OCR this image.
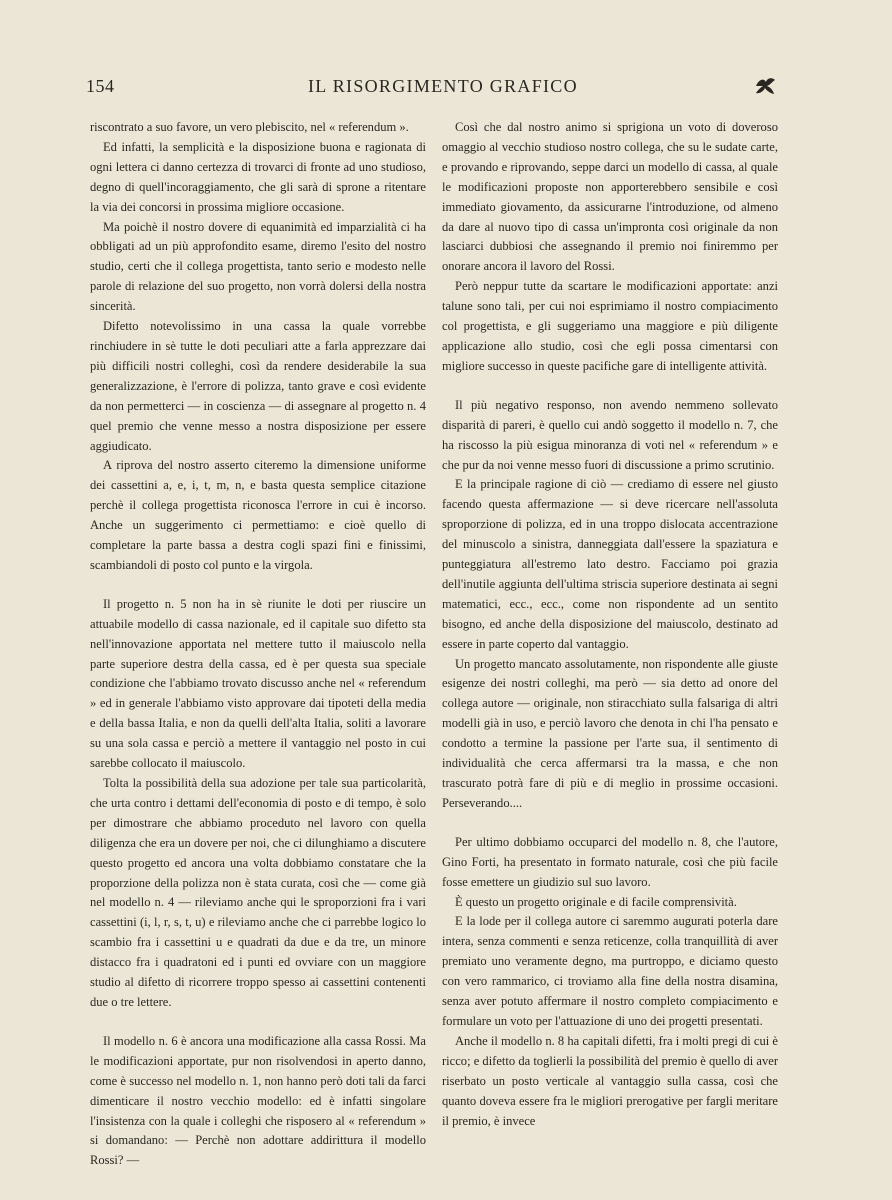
154	IL RISORGIMENTO GRAFICO

riscontrato a suo favore, un vero plebiscito, nel « referendum ».

Ed infatti, la semplicità e la disposizione buona e ragionata di ogni lettera ci danno certezza di trovarci di fronte ad uno studioso, degno di quell'incoraggiamento, che gli sarà di sprone a ritentare la via dei concorsi in prossima migliore occasione.

Ma poichè il nostro dovere di equanimità ed imparzialità ci ha obbligati ad un più approfondito esame, diremo l'esito del nostro studio, certi che il collega progettista, tanto serio e modesto nelle parole di relazione del suo progetto, non vorrà dolersi della nostra sincerità.

Difetto notevolissimo in una cassa la quale vorrebbe rinchiudere in sè tutte le doti peculiari atte a farla apprezzare dai più difficili nostri colleghi, così da rendere desiderabile la sua generalizzazione, è l'errore di polizza, tanto grave e così evidente da non permetterci — in coscienza — di assegnare al progetto n. 4 quel premio che venne messo a nostra disposizione per essere aggiudicato.

A riprova del nostro asserto citeremo la dimensione uniforme dei cassettini a, e, i, t, m, n, e basta questa semplice citazione perchè il collega progettista riconosca l'errore in cui è incorso. Anche un suggerimento ci permettiamo: e cioè quello di completare la parte bassa a destra cogli spazi fini e finissimi, scambiandoli di posto col punto e la virgola.

Il progetto n. 5 non ha in sè riunite le doti per riuscire un attuabile modello di cassa nazionale, ed il capitale suo difetto sta nell'innovazione apportata nel mettere tutto il maiuscolo nella parte superiore destra della cassa, ed è per questa sua speciale condizione che l'abbiamo trovato discusso anche nel « referendum » ed in generale l'abbiamo visto approvare dai tipoteti della media e della bassa Italia, e non da quelli dell'alta Italia, soliti a lavorare su una sola cassa e perciò a mettere il vantaggio nel posto in cui sarebbe collocato il maiuscolo.

Tolta la possibilità della sua adozione per tale sua particolarità, che urta contro i dettami dell'economia di posto e di tempo, è solo per dimostrare che abbiamo proceduto nel lavoro con quella diligenza che era un dovere per noi, che ci dilunghiamo a discutere questo progetto ed ancora una volta dobbiamo constatare che la proporzione della polizza non è stata curata, così che — come già nel modello n. 4 — rileviamo anche qui le sproporzioni fra i vari cassettini (i, l, r, s, t, u) e rileviamo anche che ci parrebbe logico lo scambio fra i cassettini u e quadrati da due e da tre, un minore distacco fra i quadratoni ed i punti ed ovviare con un maggiore studio al difetto di ricorrere troppo spesso ai cassettini contenenti due o tre lettere.

Il modello n. 6 è ancora una modificazione alla cassa Rossi. Ma le modificazioni apportate, pur non risolvendosi in aperto danno, come è successo nel modello n. 1, non hanno però doti tali da farci dimenticare il nostro vecchio modello: ed è infatti singolare l'insistenza con la quale i colleghi che risposero al « referendum » si domandano: — Perchè non adottare addirittura il modello Rossi? —

Così che dal nostro animo si sprigiona un voto di doveroso omaggio al vecchio studioso nostro collega, che su le sudate carte, e provando e riprovando, seppe darci un modello di cassa, al quale le modificazioni proposte non apporterebbero sensibile e così immediato giovamento, da assicurarne l'introduzione, od almeno da dare al nuovo tipo di cassa un'impronta così originale da non lasciarci dubbiosi che assegnando il premio noi finiremmo per onorare ancora il lavoro del Rossi.

Però neppur tutte da scartare le modificazioni apportate: anzi talune sono tali, per cui noi esprimiamo il nostro compiacimento col progettista, e gli suggeriamo una maggiore e più diligente applicazione allo studio, così che egli possa cimentarsi con migliore successo in queste pacifiche gare di intelligente attività.

Il più negativo responso, non avendo nemmeno sollevato disparità di pareri, è quello cui andò soggetto il modello n. 7, che ha riscosso la più esigua minoranza di voti nel « referendum » e che pur da noi venne messo fuori di discussione a primo scrutinio.

E la principale ragione di ciò — crediamo di essere nel giusto facendo questa affermazione — si deve ricercare nell'assoluta sproporzione di polizza, ed in una troppo dislocata accentrazione del minuscolo a sinistra, danneggiata dall'essere la spaziatura e punteggiatura all'estremo lato destro. Facciamo poi grazia dell'inutile aggiunta dell'ultima striscia superiore destinata ai segni matematici, ecc., ecc., come non rispondente ad un sentito bisogno, ed anche della disposizione del maiuscolo, destinato ad essere in parte coperto dal vantaggio.

Un progetto mancato assolutamente, non rispondente alle giuste esigenze dei nostri colleghi, ma però — sia detto ad onore del collega autore — originale, non stiracchiato sulla falsariga di altri modelli già in uso, e perciò lavoro che denota in chi l'ha pensato e condotto a termine la passione per l'arte sua, il sentimento di individualità che cerca affermarsi tra la massa, e che non trascurato potrà fare di più e di meglio in prossime occasioni. Perseverando....

Per ultimo dobbiamo occuparci del modello n. 8, che l'autore, Gino Forti, ha presentato in formato naturale, così che più facile fosse emettere un giudizio sul suo lavoro.

È questo un progetto originale e di facile comprensività.

E la lode per il collega autore ci saremmo augurati poterla dare intera, senza commenti e senza reticenze, colla tranquillità di aver premiato uno veramente degno, ma purtroppo, e diciamo questo con vero rammarico, ci troviamo alla fine della nostra disamina, senza aver potuto affermare il nostro completo compiacimento e formulare un voto per l'attuazione di uno dei progetti presentati.

Anche il modello n. 8 ha capitali difetti, fra i molti pregi di cui è ricco; e difetto da toglierli la possibilità del premio è quello di aver riserbato un posto verticale al vantaggio sulla cassa, così che quanto doveva essere fra le migliori prerogative per fargli meritare il premio, è invece
